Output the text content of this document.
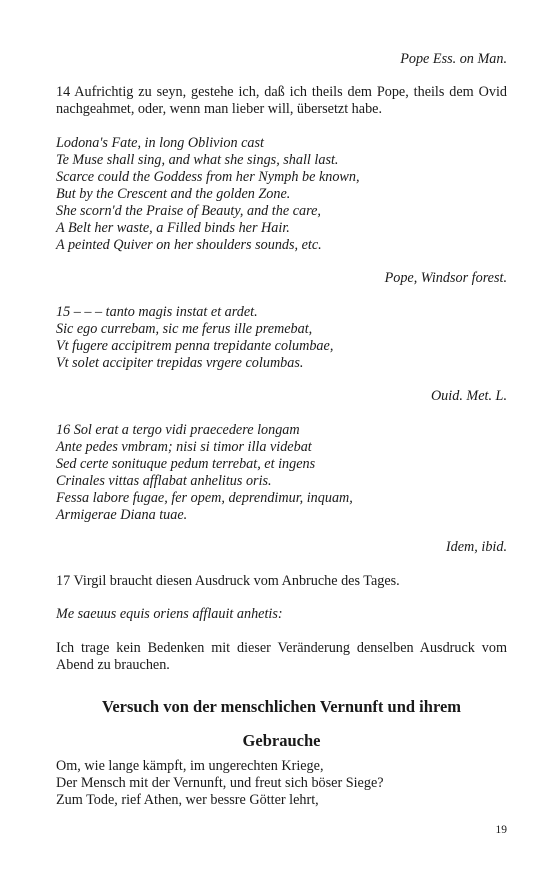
Pope Ess. on Man.

14 Aufrichtig zu seyn, gestehe ich, daß ich theils dem Pope, theils dem Ovid nachgeahmet, oder, wenn man lieber will, übersetzt habe.

Lodona's Fate, in long Oblivion cast
Te Muse shall sing, and what she sings, shall last.
Scarce could the Goddess from her Nymph be known,
But by the Crescent and the golden Zone.
She scorn'd the Praise of Beauty, and the care,
A Belt her waste, a Filled binds her Hair.
A peinted Quiver on her shoulders sounds, etc.

Pope, Windsor forest.

15 – – – tanto magis instat et ardet.
Sic ego currebam, sic me ferus ille premebat,
Vt fugere accipitrem penna trepidante columbae,
Vt solet accipiter trepidas vrgere columbas.

Ouid. Met. L.

16 Sol erat a tergo vidi praecedere longam
Ante pedes vmbram; nisi si timor illa videbat
Sed certe sonituque pedum terrebat, et ingens
Crinales vittas afflabat anhelitus oris.
Fessa labore fugae, fer opem, deprendimur, inquam,
Armigerae Diana tuae.

Idem, ibid.

17 Virgil braucht diesen Ausdruck vom Anbruche des Tages.

Me saeuus equis oriens afflauit anhetis:

Ich trage kein Bedenken mit dieser Veränderung denselben Ausdruck vom Abend zu brauchen.

Versuch von der menschlichen Vernunft und ihrem
Gebrauche
Om, wie lange kämpft, im ungerechten Kriege,
Der Mensch mit der Vernunft, und freut sich böser Siege?
Zum Tode, rief Athen, wer bessre Götter lehrt,
19
